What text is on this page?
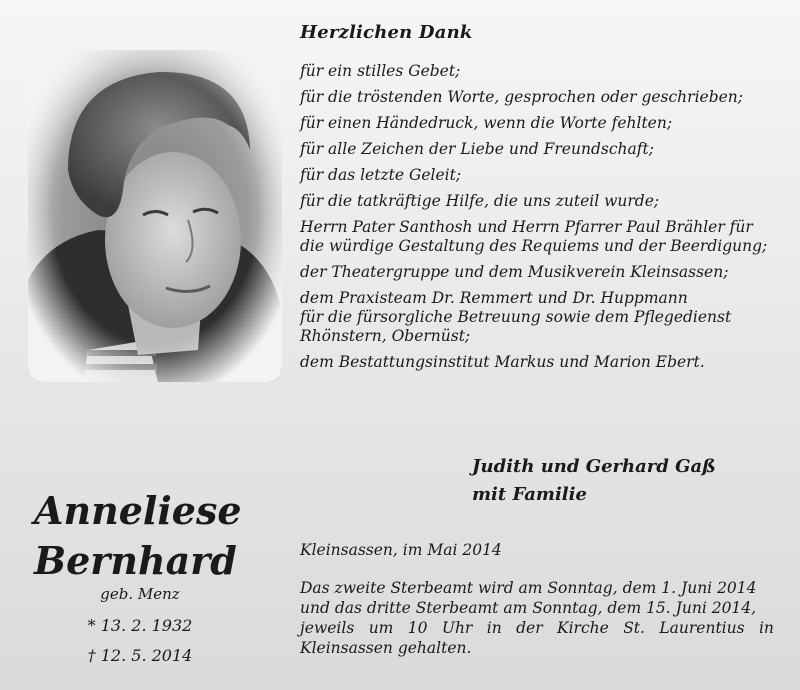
Herzlichen Dank
für ein stilles Gebet;
für die tröstenden Worte, gesprochen oder geschrieben;
für einen Händedruck, wenn die Worte fehlten;
für alle Zeichen der Liebe und Freundschaft;
für das letzte Geleit;
für die tatkräftige Hilfe, die uns zuteil wurde;
Herrn Pater Santhosh und Herrn Pfarrer Paul Brähler für
die würdige Gestaltung des Requiems und der Beerdigung;
der Theatergruppe und dem Musikverein Kleinsassen;
dem Praxisteam Dr. Remmert und Dr. Huppmann
für die fürsorgliche Betreuung sowie dem Pflegedienst
Rhönstern, Obernüst;
dem Bestattungsinstitut Markus und Marion Ebert.
Judith und Gerhard Gaß
mit Familie
Anneliese
Bernhard
geb. Menz
* 13. 2. 1932
† 12. 5. 2014
Kleinsassen, im Mai 2014
Das zweite Sterbeamt wird am Sonntag, dem 1. Juni 2014
und das dritte Sterbeamt am Sonntag, dem 15. Juni 2014,
jeweils um 10 Uhr in der Kirche St. Laurentius in
Kleinsassen gehalten.
